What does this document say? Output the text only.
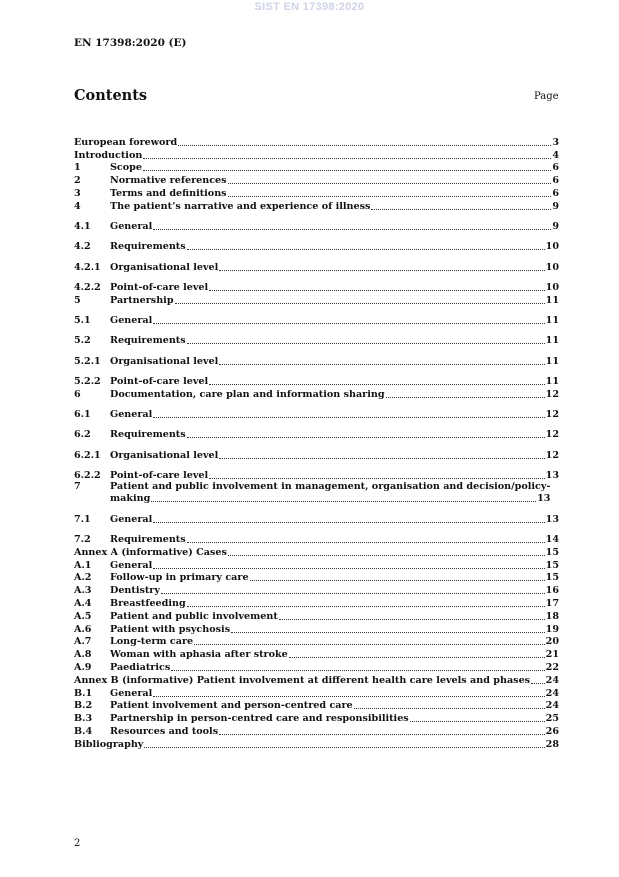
SIST EN 17398:2020
EN 17398:2020 (E)
Contents	Page
European foreword	3
Introduction	4
1	Scope	6
2	Normative references	6
3	Terms and definitions	6
4	The patient’s narrative and experience of illness	9
4.1	General	9
4.2	Requirements	10
4.2.1 Organisational level	10
4.2.2 Point-of-care level	10
5	Partnership	11
5.1	General	11
5.2	Requirements	11
5.2.1 Organisational level	11
5.2.2 Point-of-care level	11
6	Documentation, care plan and information sharing	12
6.1	General	12
6.2	Requirements	12
6.2.1 Organisational level	12
6.2.2 Point-of-care level	13
7	Patient and public involvement in management, organisation and decision/policy-
making	13
7.1	General	13
7.2	Requirements	14
Annex A (informative) Cases	15
A.1	General	15
A.2	Follow-up in primary care	15
A.3	Dentistry	16
A.4	Breastfeeding	17
A.5	Patient and public involvement	18
A.6	Patient with psychosis	19
A.7	Long-term care	20
A.8	Woman with aphasia after stroke	21
A.9	Paediatrics	22
Annex B (informative) Patient involvement at different health care levels and phases 24
B.1	General	24
B.2	Patient involvement and person-centred care	24
B.3	Partnership in person-centred care and responsibilities	25
B.4	Resources and tools	26
Bibliography	28
2
